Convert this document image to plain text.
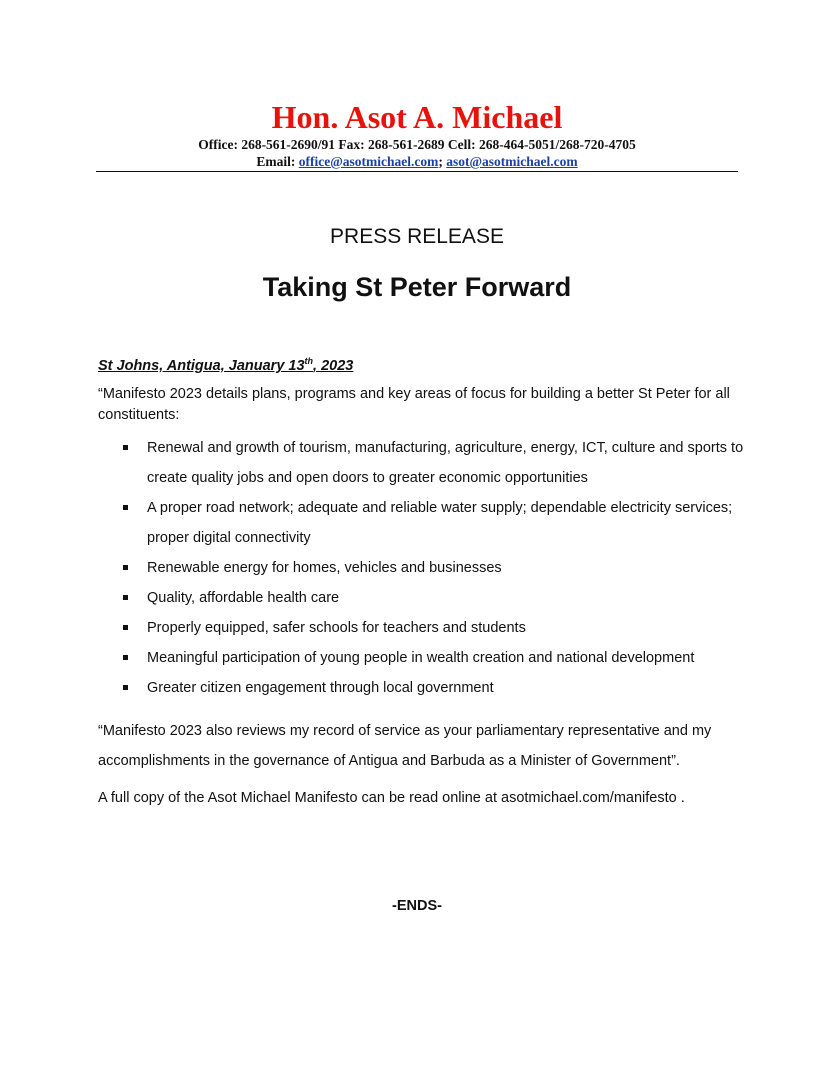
Hon. Asot A. Michael

Office: 268-561-2690/91 Fax: 268-561-2689 Cell: 268-464-5051/268-720-4705

Email: office@asotmichael.com; asot@asotmichael.com

PRESS RELEASE
Taking St Peter Forward
St Johns, Antigua, January 13th, 2023

“Manifesto 2023 details plans, programs and key areas of focus for building a better St Peter for all constituents:

Renewal and growth of tourism, manufacturing, agriculture, energy, ICT, culture and sports to create quality jobs and open doors to greater economic opportunities
A proper road network; adequate and reliable water supply; dependable electricity services; proper digital connectivity
Renewable energy for homes, vehicles and businesses
Quality, affordable health care
Properly equipped, safer schools for teachers and students
Meaningful participation of young people in wealth creation and national development
Greater citizen engagement through local government

“Manifesto 2023 also reviews my record of service as your parliamentary representative and my accomplishments in the governance of Antigua and Barbuda as a Minister of Government”.

A full copy of the Asot Michael Manifesto can be read online at asotmichael.com/manifesto .

-ENDS-
